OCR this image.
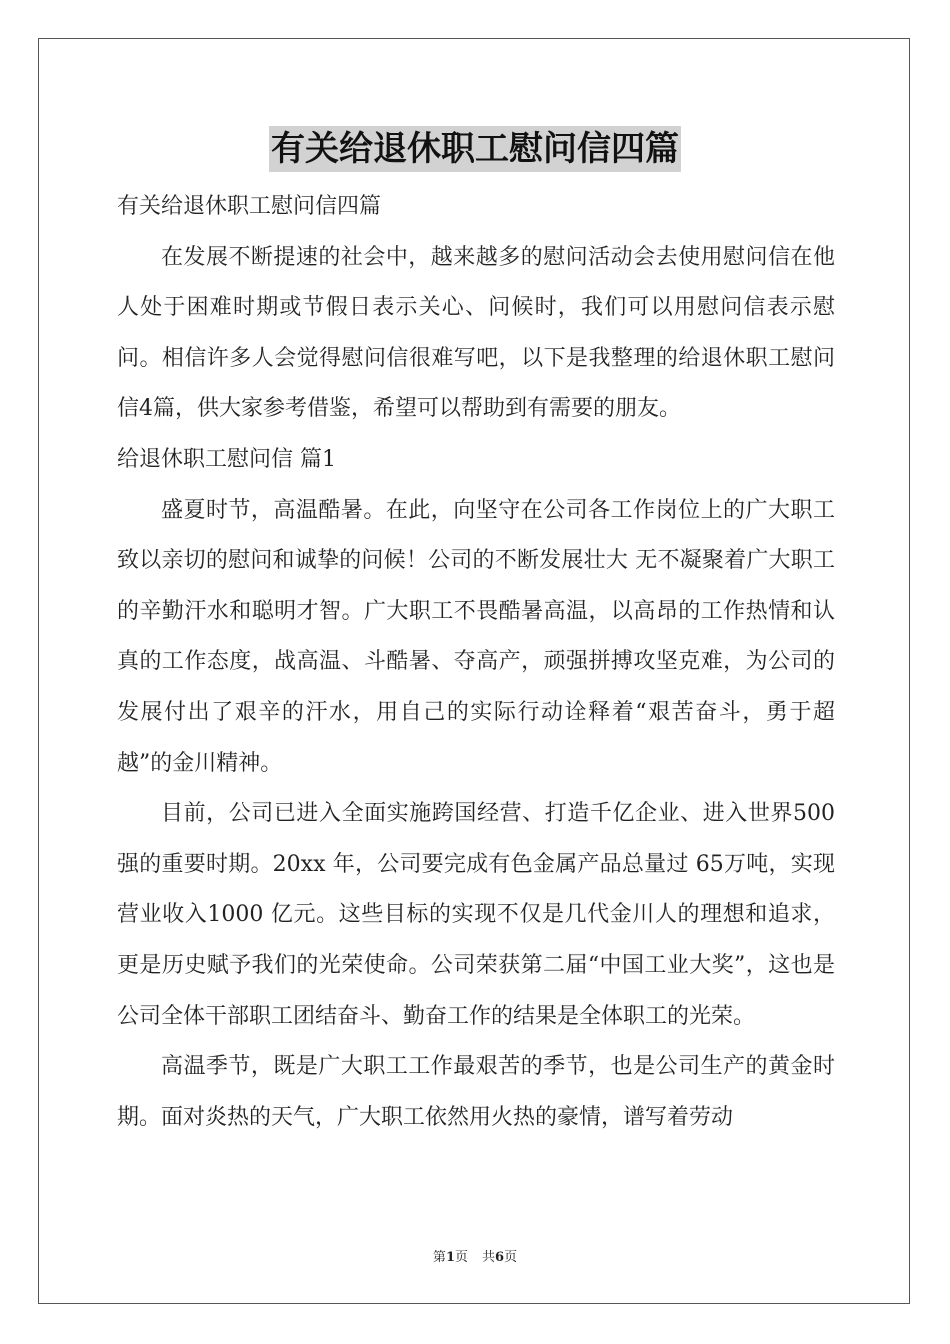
有关给退休职工慰问信四篇

有关给退休职工慰问信四篇

在发展不断提速的社会中，越来越多的慰问活动会去使用慰问信在他人处于困难时期或节假日表示关心、问候时，我们可以用慰问信表示慰问。相信许多人会觉得慰问信很难写吧，以下是我整理的给退休职工慰问信4篇，供大家参考借鉴，希望可以帮助到有需要的朋友。

给退休职工慰问信 篇1

盛夏时节，高温酷暑。在此，向坚守在公司各工作岗位上的广大职工致以亲切的慰问和诚挚的问候！公司的不断发展壮大 无不凝聚着广大职工的辛勤汗水和聪明才智。广大职工不畏酷暑高温，以高昂的工作热情和认真的工作态度，战高温、斗酷暑、夺高产，顽强拼搏攻坚克难，为公司的发展付出了艰辛的汗水，用自己的实际行动诠释着“艰苦奋斗，勇于超越”的金川精神。

目前，公司已进入全面实施跨国经营、打造千亿企业、进入世界500 强的重要时期。20xx 年，公司要完成有色金属产品总量过 65万吨，实现营业收入1000 亿元。这些目标的实现不仅是几代金川人的理想和追求，更是历史赋予我们的光荣使命。公司荣获第二届“中国工业大奖”，这也是公司全体干部职工团结奋斗、勤奋工作的结果是全体职工的光荣。

高温季节，既是广大职工工作最艰苦的季节，也是公司生产的黄金时期。面对炎热的天气，广大职工依然用火热的豪情，谱写着劳动

第1页 共6页
